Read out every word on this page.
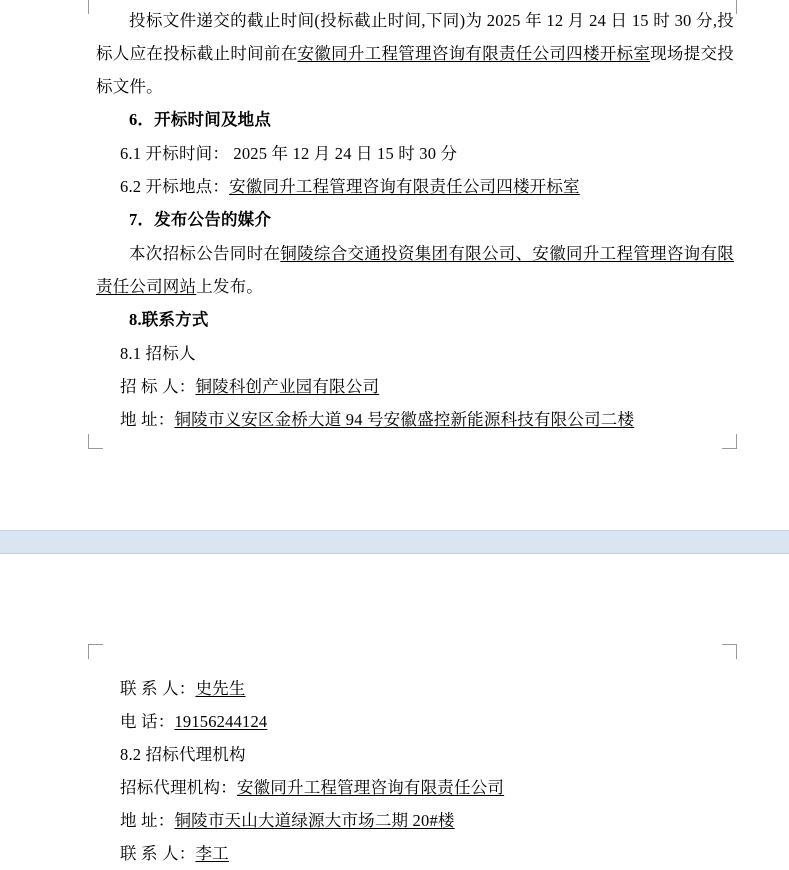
投标文件递交的截止时间(投标截止时间,下同)为 2025 年 12 月 24 日 15 时 30 分,投标人应在投标截止时间前在安徽同升工程管理咨询有限责任公司四楼开标室现场提交投标文件。

6．开标时间及地点

6.1 开标时间： 2025 年 12 月 24 日 15 时 30 分

6.2 开标地点：安徽同升工程管理咨询有限责任公司四楼开标室

7．发布公告的媒介

本次招标公告同时在铜陵综合交通投资集团有限公司、安徽同升工程管理咨询有限责任公司网站上发布。

8.联系方式

8.1 招标人

招 标 人：铜陵科创产业园有限公司

地 址：铜陵市义安区金桥大道 94 号安徽盛控新能源科技有限公司二楼

联 系 人：史先生

电 话：19156244124

8.2 招标代理机构

招标代理机构：安徽同升工程管理咨询有限责任公司

地 址：铜陵市天山大道绿源大市场二期 20#楼

联 系 人：李工
